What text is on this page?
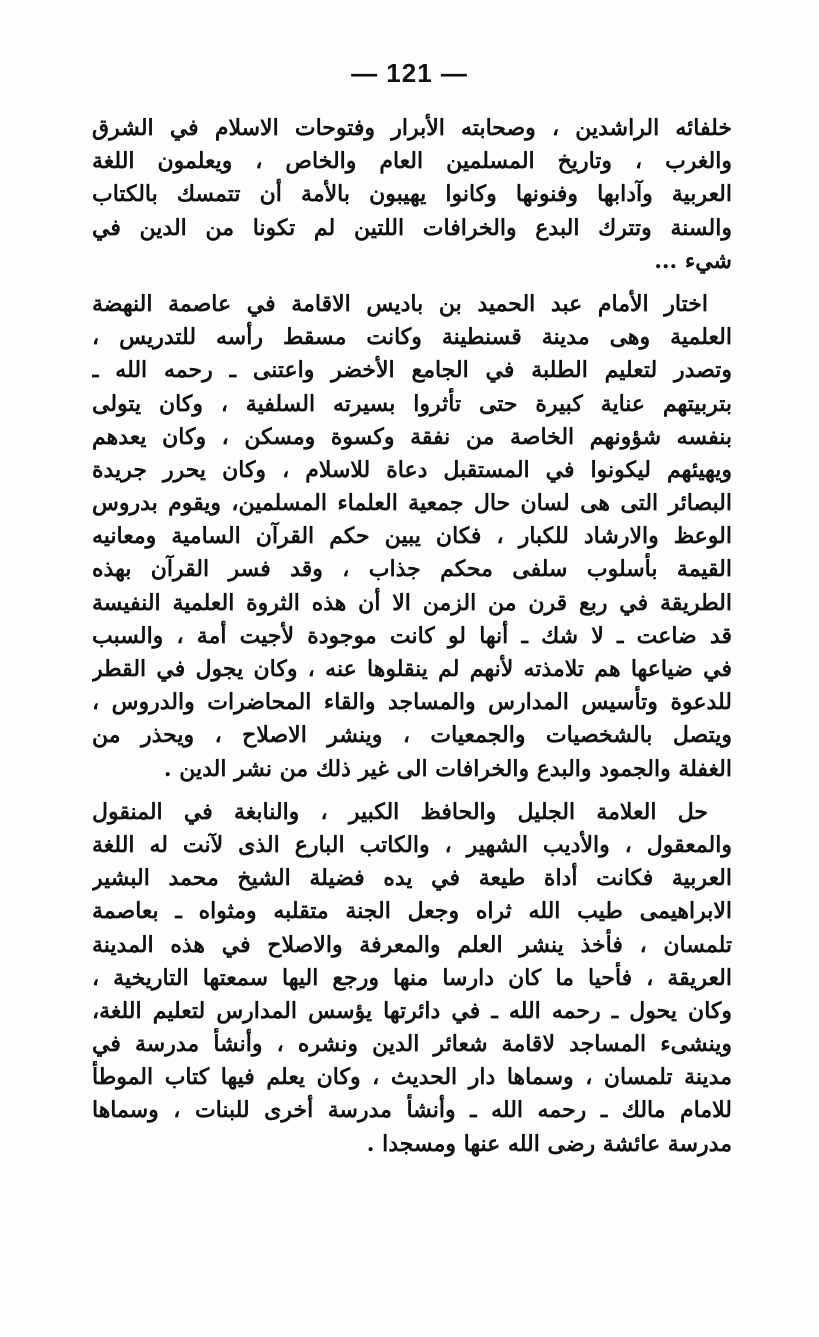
— 121 —
خلفائه الراشدين ، وصحابته الأبرار وفتوحات الاسلام في الشرق
والغرب ، وتاريخ المسلمين العام والخاص ، ويعلمون اللغة
العربية وآدابها وفنونها وكانوا يهيبون بالأمة أن تتمسك بالكتاب
والسنة وتترك البدع والخرافات اللتين لم تكونا من الدين في
شيء ...
اختار الأمام عبد الحميد بن باديس الاقامة في عاصمة النهضة
العلمية وهى مدينة قسنطينة وكانت مسقط رأسه للتدريس ،
وتصدر لتعليم الطلبة في الجامع الأخضر واعتنى ـ رحمه الله ـ
بتربيتهم عناية كبيرة حتى تأثروا بسيرته السلفية ، وكان يتولى
بنفسه شؤونهم الخاصة من نفقة وكسوة ومسكن ، وكان يعدهم
ويهيئهم ليكونوا في المستقبل دعاة للاسلام ، وكان يحرر جريدة
البصائر التى هى لسان حال جمعية العلماء المسلمين، ويقوم بدروس
الوعظ والارشاد للكبار ، فكان يبين حكم القرآن السامية ومعانيه
القيمة بأسلوب سلفى محكم جذاب ، وقد فسر القرآن بهذه
الطريقة في ربع قرن من الزمن الا أن هذه الثروة العلمية النفيسة
قد ضاعت ـ لا شك ـ أنها لو كانت موجودة لأجيت أمة ، والسبب
في ضياعها هم تلامذته لأنهم لم ينقلوها عنه ، وكان يجول في القطر
للدعوة وتأسيس المدارس والمساجد والقاء المحاضرات والدروس ،
ويتصل بالشخصيات والجمعيات ، وينشر الاصلاح ، ويحذر من
الغفلة والجمود والبدع والخرافات الى غير ذلك من نشر الدين .
حل العلامة الجليل والحافظ الكبير ، والنابغة في المنقول
والمعقول ، والأديب الشهير ، والكاتب البارع الذى لآنت له اللغة
العربية فكانت أداة طيعة في يده فضيلة الشيخ محمد البشير
الابراهيمى طيب الله ثراه وجعل الجنة متقلبه ومثواه ـ بعاصمة
تلمسان ، فأخذ ينشر العلم والمعرفة والاصلاح في هذه المدينة
العريقة ، فأحيا ما كان دارسا منها ورجع اليها سمعتها التاريخية ،
وكان يحول ـ رحمه الله ـ في دائرتها يؤسس المدارس لتعليم اللغة،
وينشىء المساجد لاقامة شعائر الدين ونشره ، وأنشأ مدرسة في
مدينة تلمسان ، وسماها دار الحديث ، وكان يعلم فيها كتاب الموطأ
للامام مالك ـ رحمه الله ـ وأنشأ مدرسة أخرى للبنات ، وسماها
مدرسة عائشة رضى الله عنها ومسجدا .
